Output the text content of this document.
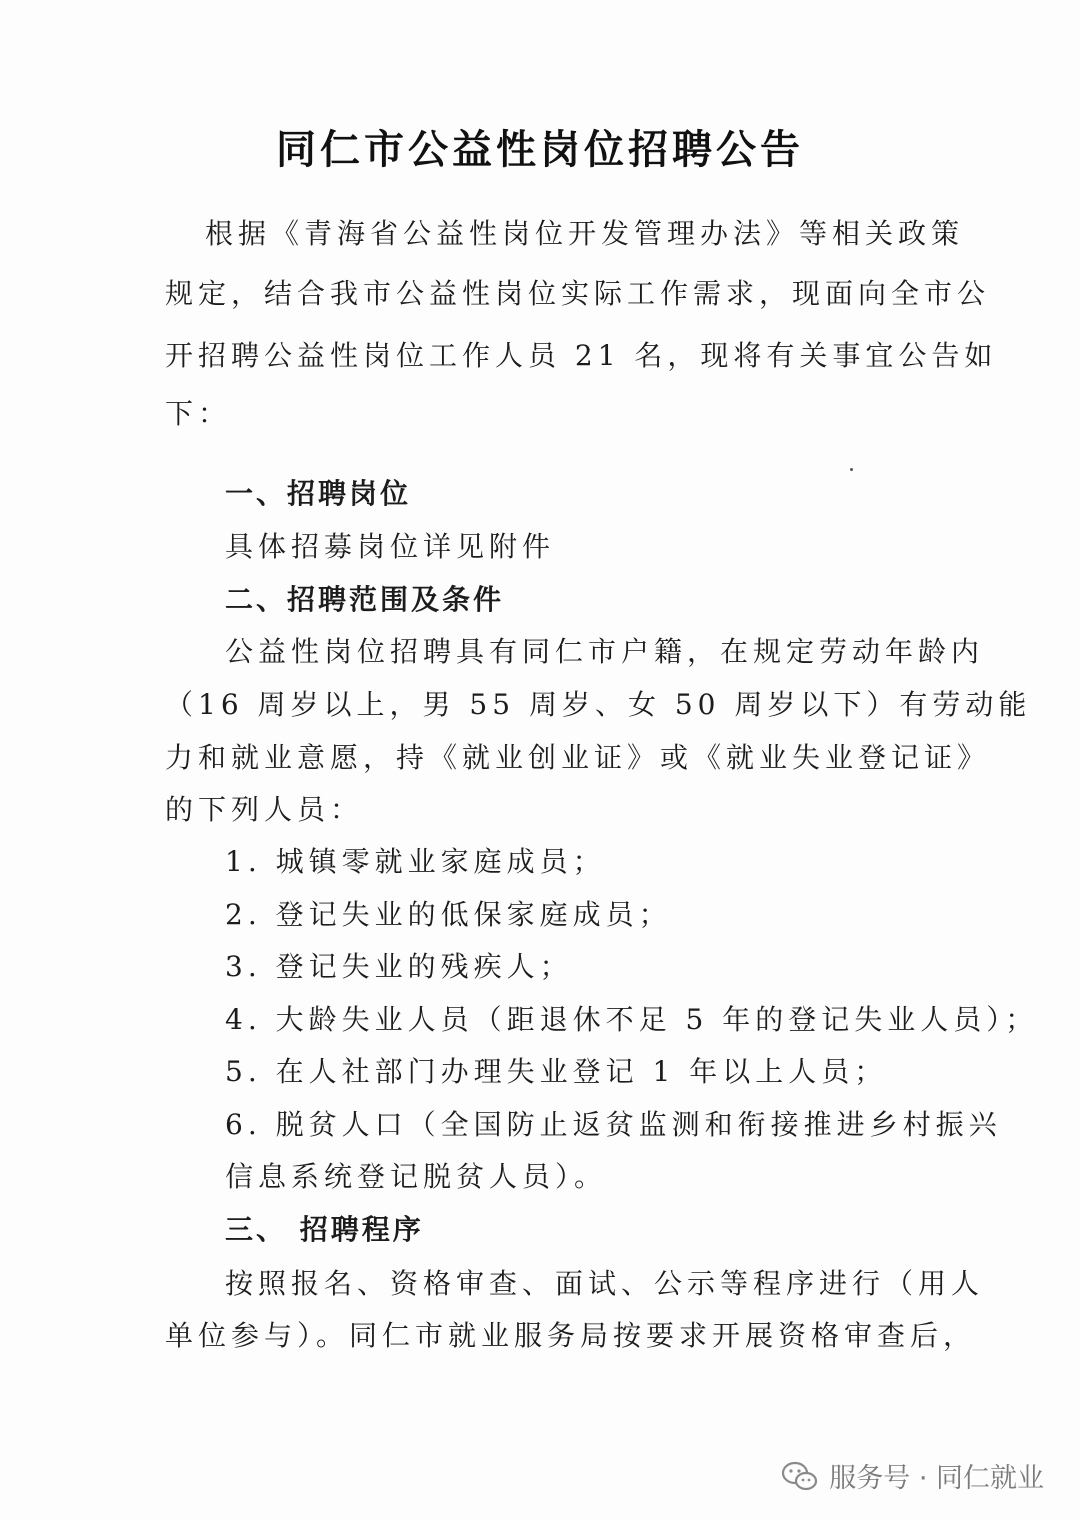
同仁市公益性岗位招聘公告
根据《青海省公益性岗位开发管理办法》等相关政策
规定，结合我市公益性岗位实际工作需求，现面向全市公
开招聘公益性岗位工作人员 21 名，现将有关事宜公告如
下：
一、招聘岗位
具体招募岗位详见附件
二、招聘范围及条件
公益性岗位招聘具有同仁市户籍，在规定劳动年龄内
（16 周岁以上，男 55 周岁、女 50 周岁以下）有劳动能
力和就业意愿，持《就业创业证》或《就业失业登记证》
的下列人员：
1. 城镇零就业家庭成员；
2. 登记失业的低保家庭成员；
3. 登记失业的残疾人；
4. 大龄失业人员（距退休不足 5 年的登记失业人员）；
5. 在人社部门办理失业登记 1 年以上人员；
6. 脱贫人口（全国防止返贫监测和衔接推进乡村振兴
信息系统登记脱贫人员）。
三、 招聘程序
按照报名、资格审查、面试、公示等程序进行（用人
单位参与）。同仁市就业服务局按要求开展资格审查后，
服务号 · 同仁就业
